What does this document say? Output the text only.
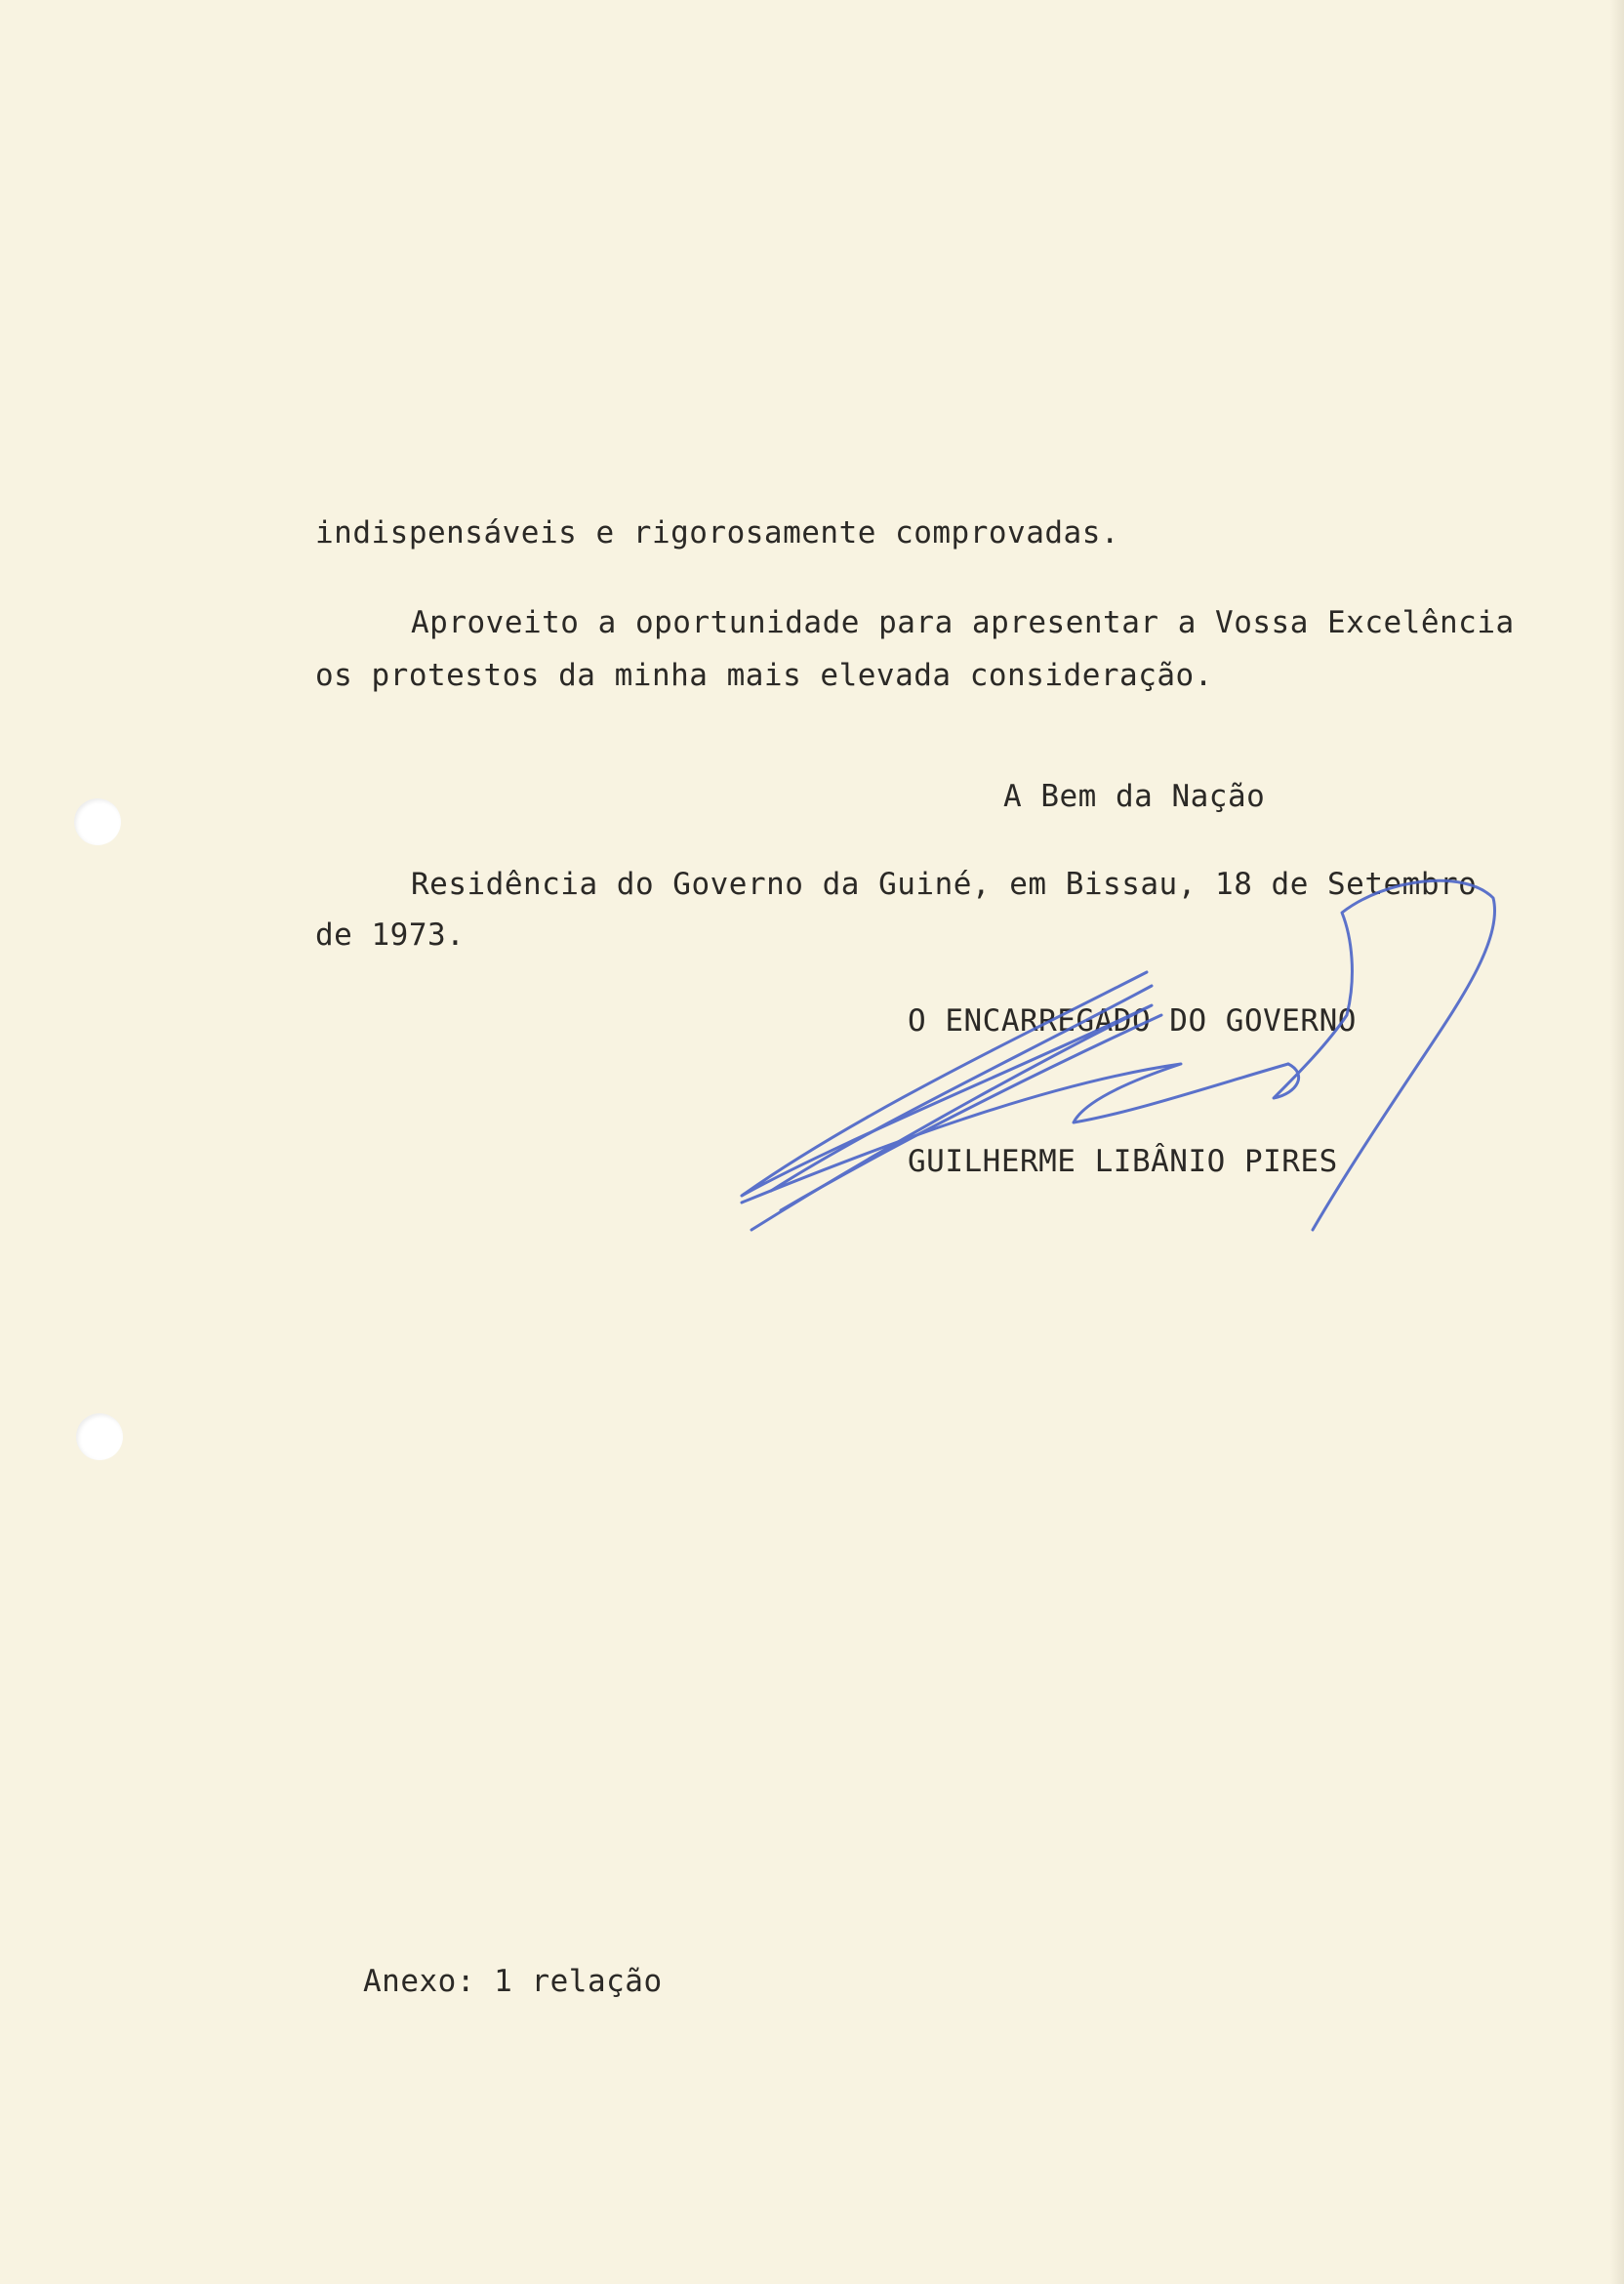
indispensáveis e rigorosamente comprovadas.
Aproveito a oportunidade para apresentar a Vossa Excelência
os protestos da minha mais elevada consideração.
A Bem da Nação
Residência do Governo da Guiné, em Bissau, 18 de Setembro
de 1973.
O ENCARREGADO DO GOVERNO
GUILHERME LIBÂNIO PIRES
Anexo: 1 relação
